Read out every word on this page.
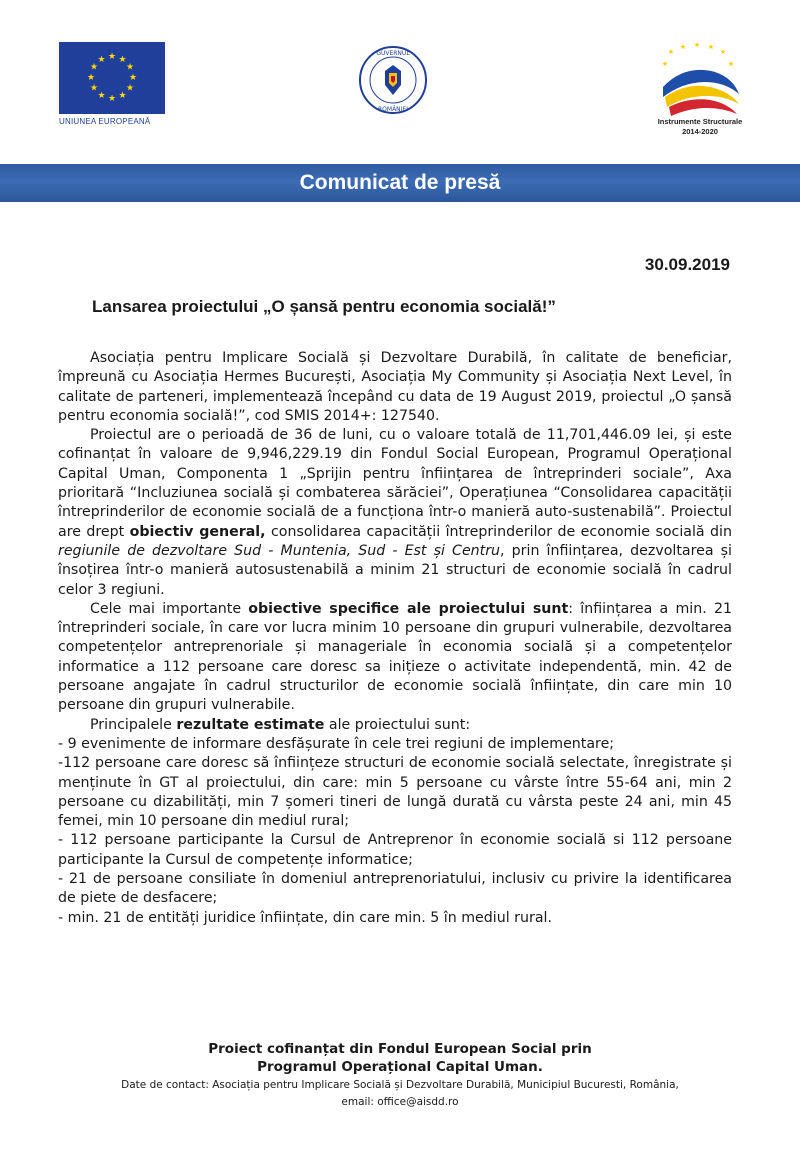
★ ★
★
★
★
★
★
★
★
★
★
★
UNIUNEA EUROPEANĂ
GUVERNUL
ROMÂNIEI
★
★ ★ ★
★
★	★
Instrumente Structurale
2014-2020
Comunicat de presă
30.09.2019
Lansarea proiectului „O șansă pentru economia socială!”

Asociația pentru Implicare Socială și Dezvoltare Durabilă, în calitate de beneficiar, împreună cu Asociația Hermes București, Asociația My Community și Asociația Next Level, în calitate de parteneri, implementează începând cu data de 19 August 2019, proiectul „O șansă pentru economia socială!”, cod SMIS 2014+: 127540.

Proiectul are o perioadă de 36 de luni, cu o valoare totală de 11,701,446.09 lei, și este cofinanțat în valoare de 9,946,229.19 din Fondul Social European, Programul Operațional Capital Uman, Componenta 1 „Sprijin pentru înființarea de întreprinderi sociale”, Axa prioritară “Incluziunea socială și combaterea sărăciei”, Operațiunea “Consolidarea capacității întreprinderilor de economie socială de a funcționa într-o manieră auto-sustenabilă”. Proiectul are drept obiectiv general, consolidarea capacității întreprinderilor de economie socială din regiunile de dezvoltare Sud - Muntenia, Sud - Est și Centru, prin înființarea, dezvoltarea și însoțirea într-o manieră autosustenabilă a minim 21 structuri de economie socială în cadrul celor 3 regiuni.

Cele mai importante obiective specifice ale proiectului sunt: înființarea a min. 21 întreprinderi sociale, în care vor lucra minim 10 persoane din grupuri vulnerabile, dezvoltarea competențelor antreprenoriale și manageriale în economia socială și a competențelor informatice a 112 persoane care doresc sa inițieze o activitate independentă, min. 42 de persoane angajate în cadrul structurilor de economie socială înființate, din care min 10 persoane din grupuri vulnerabile.

Principalele rezultate estimate ale proiectului sunt:

- 9 evenimente de informare desfășurate în cele trei regiuni de implementare;

-112 persoane care doresc să înființeze structuri de economie socială selectate, înregistrate și menținute în GT al proiectului, din care: min 5 persoane cu vârste între 55-64 ani, min 2 persoane cu dizabilități, min 7 șomeri tineri de lungă durată cu vârsta peste 24 ani, min 45 femei, min 10 persoane din mediul rural;

- 112 persoane participante la Cursul de Antreprenor în economie socială si 112 persoane participante la Cursul de competențe informatice;

- 21 de persoane consiliate în domeniul antreprenoriatului, inclusiv cu privire la identificarea de piete de desfacere;

- min. 21 de entități juridice înființate, din care min. 5 în mediul rural.

Proiect cofinanțat din Fondul European Social prin
Programul Operațional Capital Uman.
Date de contact: Asociația pentru Implicare Socială și Dezvoltare Durabilă, Municipiul Bucuresti, România,
email: office@aisdd.ro
